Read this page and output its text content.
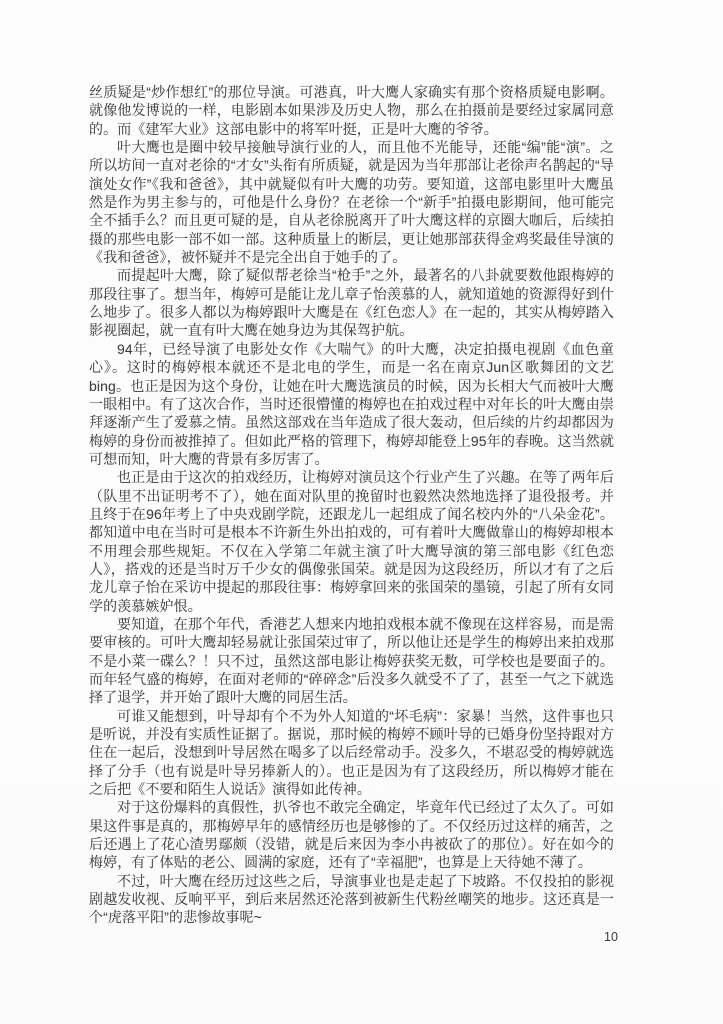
丝质疑是“炒作想红”的那位导演。可港真，叶大鹰人家确实有那个资格质疑电影啊。就像他发博说的一样，电影剧本如果涉及历史人物，那么在拍摄前是要经过家属同意的。而《建军大业》这部电影中的将军叶挺，正是叶大鹰的爷爷。

叶大鹰也是圈中较早接触导演行业的人，而且他不光能导，还能“编”能“演”。之所以坊间一直对老徐的“才女”头衔有所质疑，就是因为当年那部让老徐声名鹊起的“导演处女作”《我和爸爸》，其中就疑似有叶大鹰的功劳。要知道，这部电影里叶大鹰虽然是作为男主参与的，可他是什么身份？在老徐一个“新手”拍摄电影期间，他可能完全不插手么？而且更可疑的是，自从老徐脱离开了叶大鹰这样的京圈大咖后，后续拍摄的那些电影一部不如一部。这种质量上的断层，更让她那部获得金鸡奖最佳导演的《我和爸爸》，被怀疑并不是完全出自于她手的了。

而提起叶大鹰，除了疑似帮老徐当“枪手”之外，最著名的八卦就要数他跟梅婷的那段往事了。想当年，梅婷可是能让龙儿章子怡羡慕的人，就知道她的资源得好到什么地步了。很多人都以为梅婷跟叶大鹰是在《红色恋人》在一起的，其实从梅婷踏入影视圈起，就一直有叶大鹰在她身边为其保驾护航。

94年，已经导演了电影处女作《大喘气》的叶大鹰，决定拍摄电视剧《血色童心》。这时的梅婷根本就还不是北电的学生，而是一名在南京Jun区歌舞团的文艺bing。也正是因为这个身份，让她在叶大鹰选演员的时候，因为长相大气而被叶大鹰一眼相中。有了这次合作，当时还很懵懂的梅婷也在拍戏过程中对年长的叶大鹰由崇拜逐渐产生了爱慕之情。虽然这部戏在当年造成了很大轰动，但后续的片约却都因为梅婷的身份而被推掉了。但如此严格的管理下，梅婷却能登上95年的春晚。这当然就可想而知，叶大鹰的背景有多厉害了。

也正是由于这次的拍戏经历，让梅婷对演员这个行业产生了兴趣。在等了两年后（队里不出证明考不了），她在面对队里的挽留时也毅然决然地选择了退役报考。并且终于在96年考上了中央戏剧学院，还跟龙儿一起组成了闻名校内外的“八朵金花”。都知道中电在当时可是根本不许新生外出拍戏的，可有着叶大鹰做靠山的梅婷却根本不用理会那些规矩。不仅在入学第二年就主演了叶大鹰导演的第三部电影《红色恋人》，搭戏的还是当时万千少女的偶像张国荣。就是因为这段经历，所以才有了之后龙儿章子怡在采访中提起的那段往事：梅婷拿回来的张国荣的墨镜，引起了所有女同学的羡慕嫉妒恨。

要知道，在那个年代，香港艺人想来内地拍戏根本就不像现在这样容易，而是需要审核的。可叶大鹰却轻易就让张国荣过审了，所以他让还是学生的梅婷出来拍戏那不是小菜一碟么？！只不过，虽然这部电影让梅婷获奖无数，可学校也是要面子的。而年轻气盛的梅婷，在面对老师的“碎碎念”后没多久就受不了了，甚至一气之下就选择了退学，并开始了跟叶大鹰的同居生活。

可谁又能想到，叶导却有个不为外人知道的“坏毛病”：家暴！当然，这件事也只是听说，并没有实质性证据了。据说，那时候的梅婷不顾叶导的已婚身份坚持跟对方住在一起后，没想到叶导居然在喝多了以后经常动手。没多久，不堪忍受的梅婷就选择了分手（也有说是叶导另捧新人的）。也正是因为有了这段经历，所以梅婷才能在之后把《不要和陌生人说话》演得如此传神。

对于这份爆料的真假性，扒爷也不敢完全确定，毕竟年代已经过了太久了。可如果这件事是真的，那梅婷早年的感情经历也是够惨的了。不仅经历过这样的痛苦，之后还遇上了花心渣男鄢颇（没错，就是后来因为李小冉被砍了的那位）。好在如今的梅婷，有了体贴的老公、圆满的家庭，还有了“幸福肥”，也算是上天待她不薄了。

不过，叶大鹰在经历过这些之后，导演事业也是走起了下坡路。不仅投拍的影视剧越发收视、反响平平，到后来居然还沦落到被新生代粉丝嘲笑的地步。这还真是一个“虎落平阳”的悲惨故事呢~

10
